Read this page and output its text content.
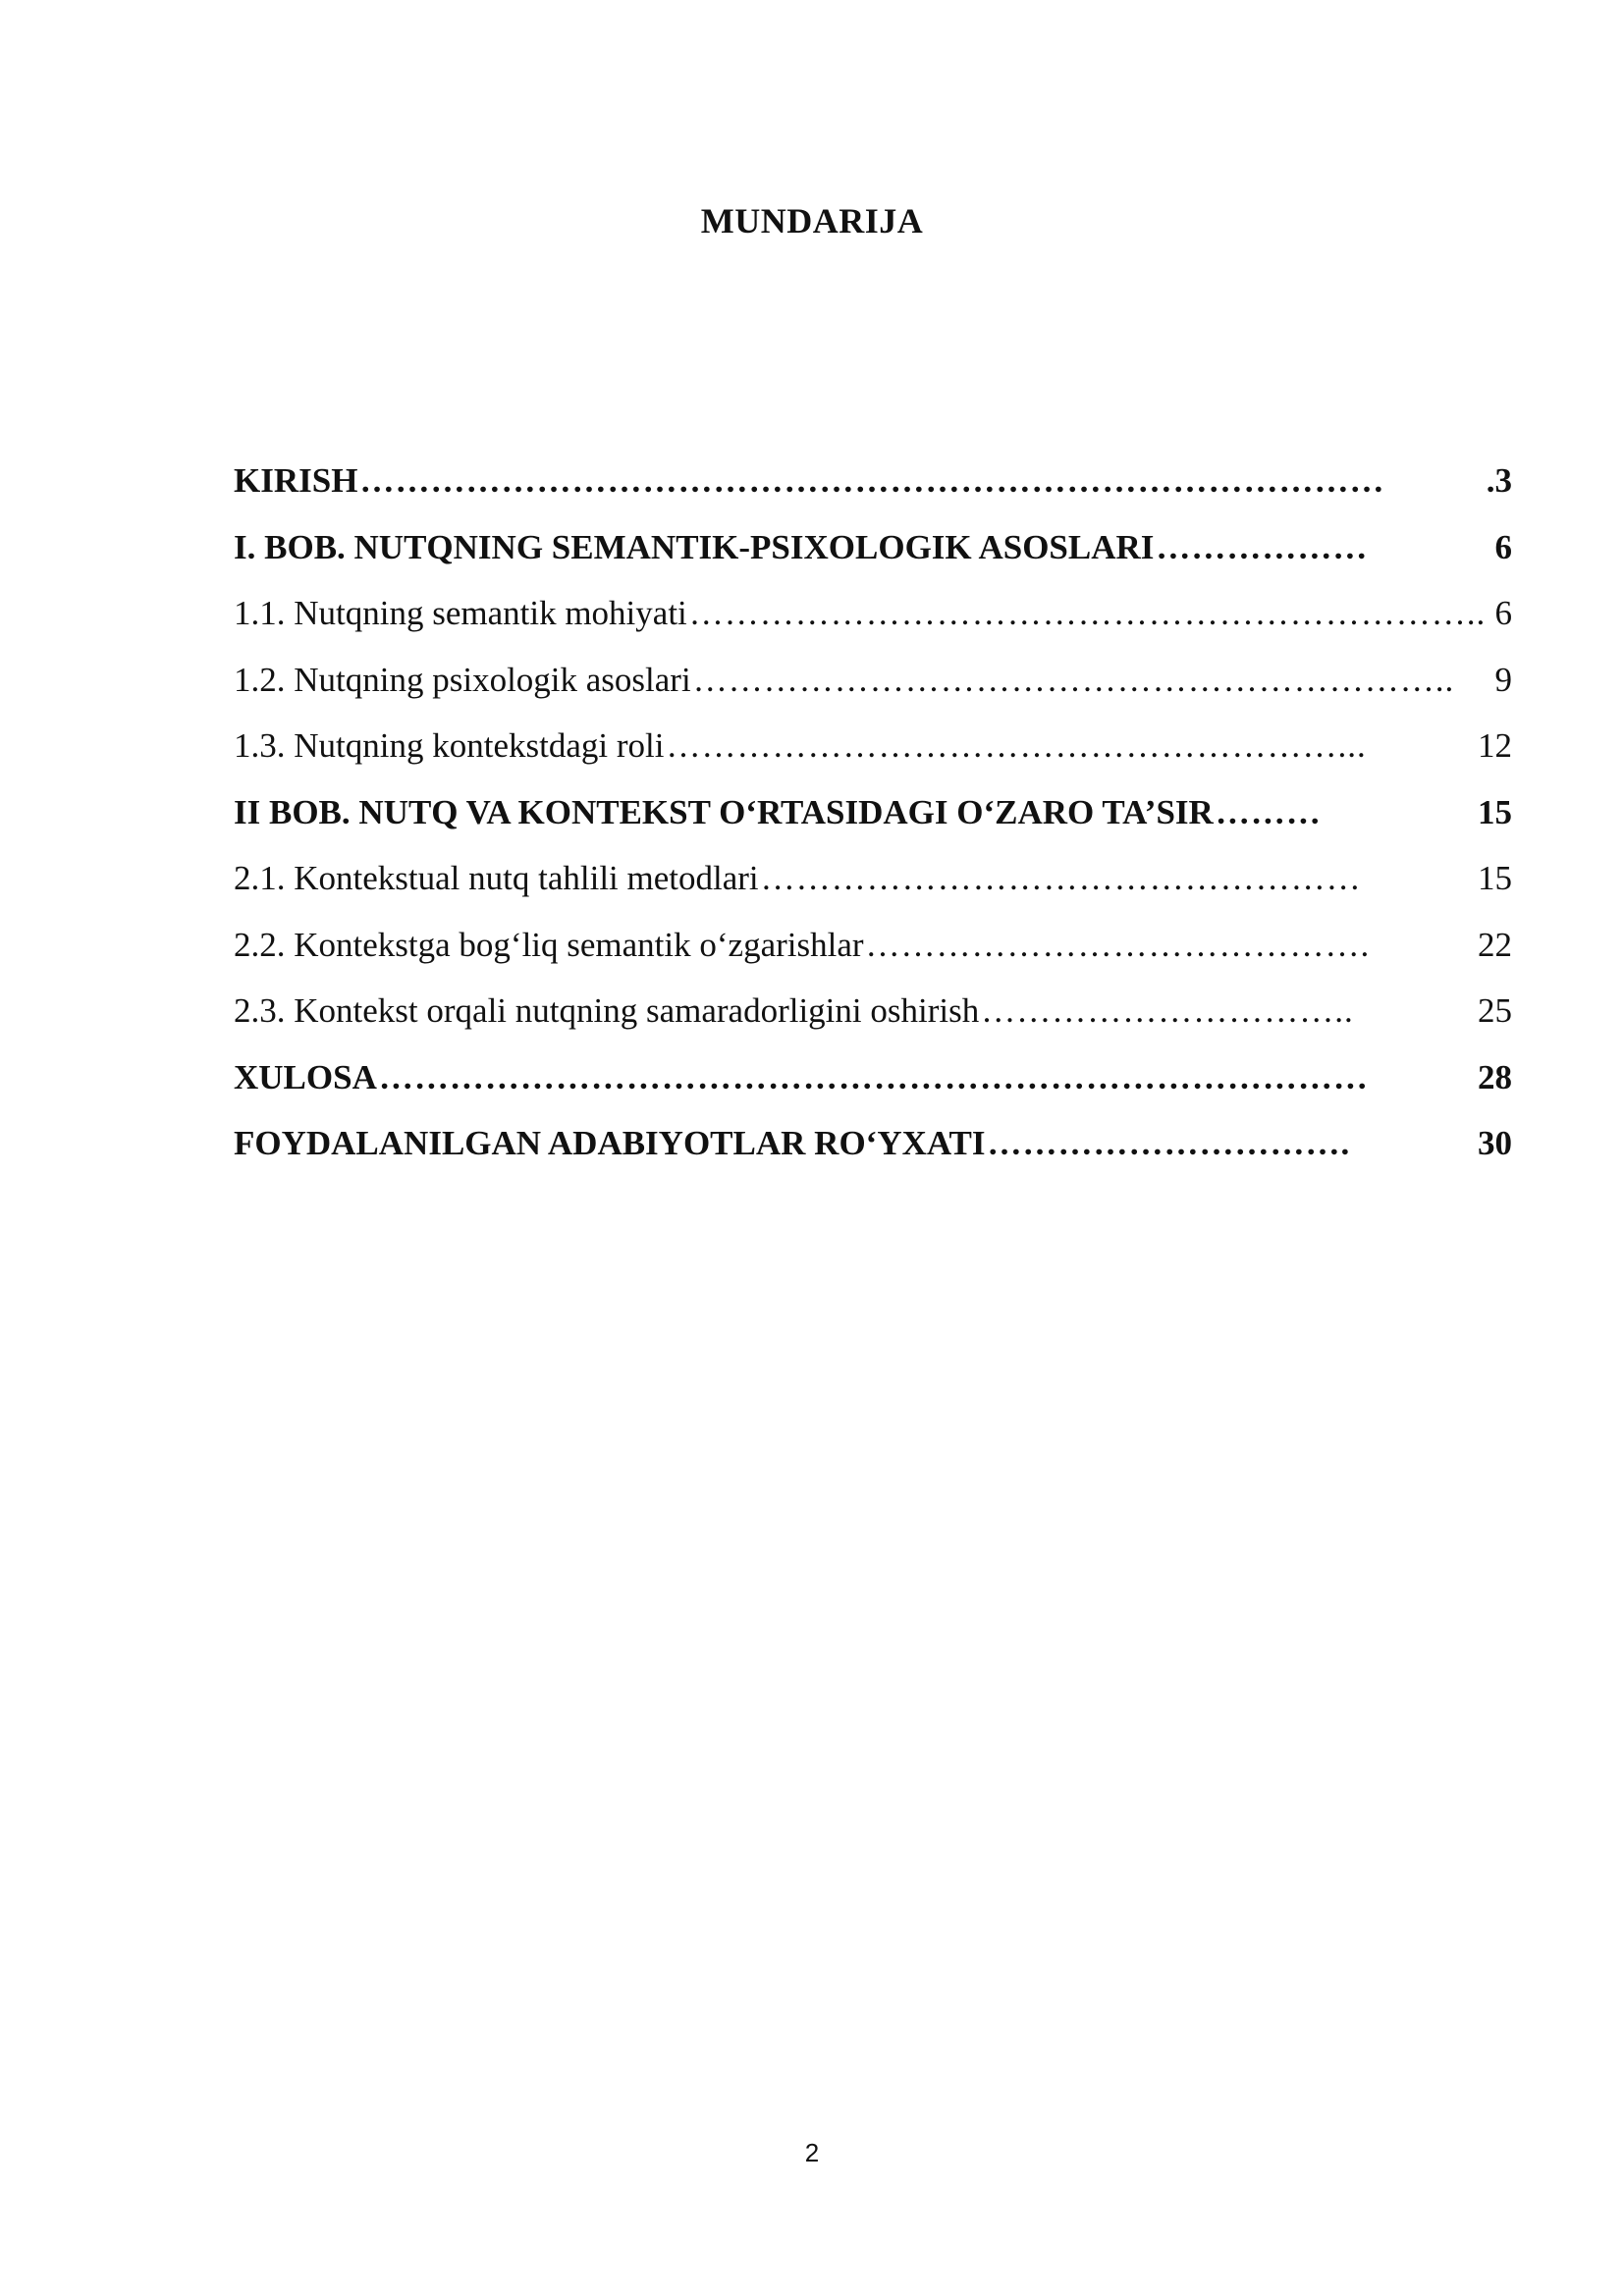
MUNDARIJA
KIRISH ……………………………………………………………………………	.3
I. BOB. NUTQNING SEMANTIK-PSIXOLOGIK ASOSLARI ………………	6
1.1. Nutqning semantik mohiyati ………………………………………………………….. 6
1.2. Nutqning psixologik asoslari ………………………………………………………..	9
1.3. Nutqning kontekstdagi roli …………………………………………………...	12
II BOB. NUTQ VA KONTEKST O‘RTASIDAGI O‘ZARO TA’SIR ………	15
2.1. Kontekstual nutq tahlili metodlari ……………………………………………	15
2.2. Kontekstga bog‘liq semantik o‘zgarishlar …………………………………….	22
2.3. Kontekst orqali nutqning samaradorligini oshirish …………………………..	25
XULOSA …………………………………………………………………………	28
FOYDALANILGAN ADABIYOTLAR RO‘YXATI ………………………….	30
2
